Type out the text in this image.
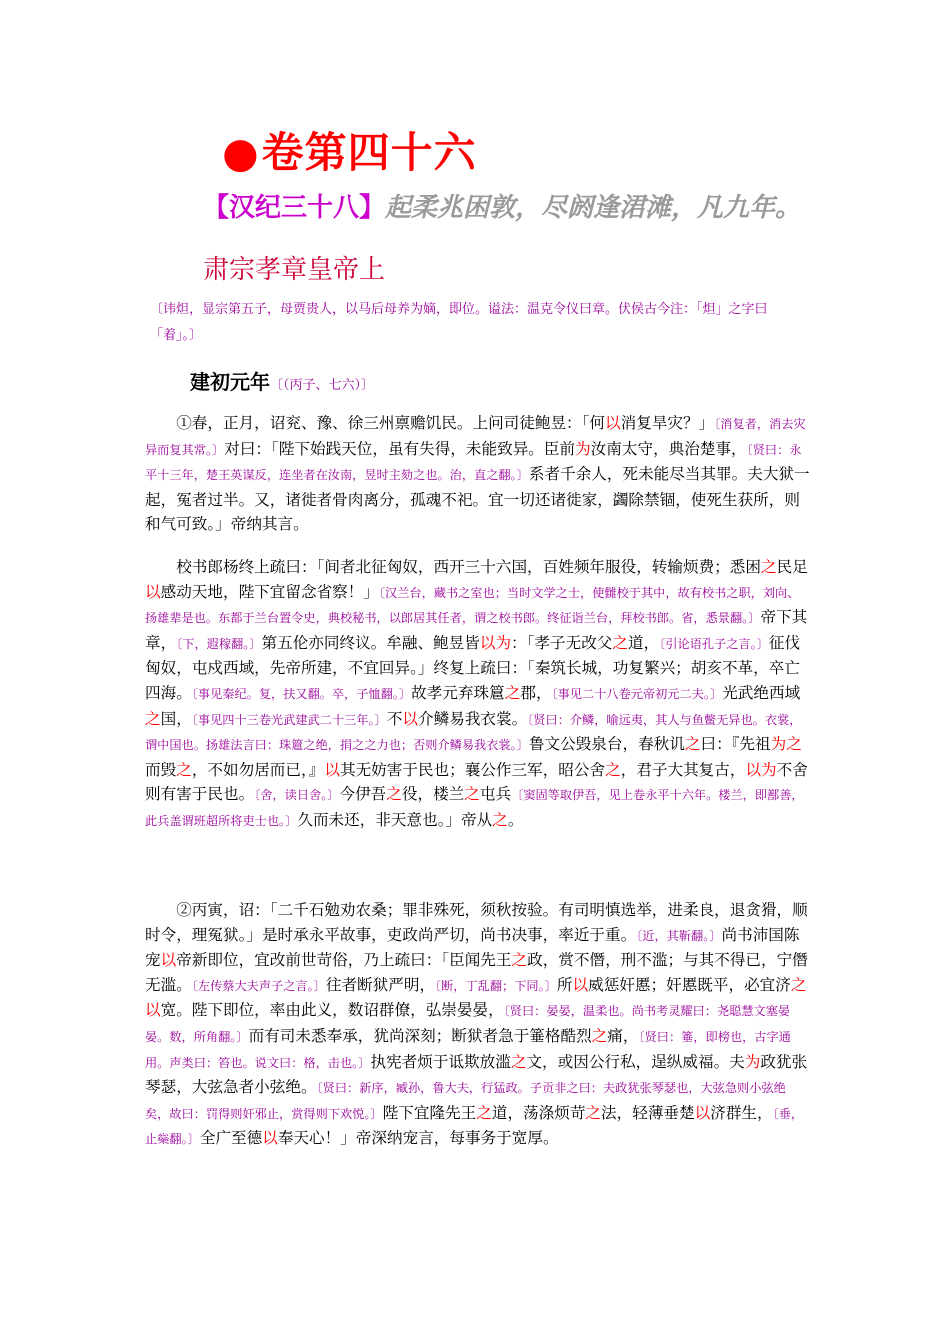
●卷第四十六
【汉纪三十八】起柔兆困敦，尽阏逢涒滩，凡九年。
肃宗孝章皇帝上
〔讳炟，显宗第五子，母贾贵人，以马后母养为嫡，即位。谥法：温克令仪曰章。伏侯古今注：「炟」之字曰「着」。〕
建初元年〔（丙子、七六）〕

①春，正月，诏兖、豫、徐三州禀赡饥民。上问司徒鲍昱：「何以消复旱灾？」〔消复者，消去灾异而复其常。〕对曰：「陛下始践天位，虽有失得，未能致异。臣前为汝南太守，典治楚事，〔贤曰：永平十三年，楚王英谋反，连坐者在汝南，昱时主劾之也。治，直之翻。〕系者千余人，死未能尽当其罪。夫大狱一起，冤者过半。又，诸徙者骨肉离分，孤魂不祀。宜一切还诸徙家，蠲除禁锢，使死生获所，则和气可致。」帝纳其言。

校书郎杨终上疏曰：「间者北征匈奴，西开三十六国，百姓频年服役，转输烦费；悉困之民足以感动天地，陛下宜留念省察！」〔汉兰台，藏书之室也；当时文学之士，使雠校于其中，故有校书之职，刘向、扬雄辈是也。东都于兰台置令史，典校秘书，以郎居其任者，谓之校书郎。终征诣兰台，拜校书郎。省，悉景翻。〕帝下其章，〔下，遐稼翻。〕第五伦亦同终议。牟融、鲍昱皆以为：「孝子无改父之道，〔引论语孔子之言。〕征伐匈奴，屯戍西域，先帝所建，不宜回异。」终复上疏曰：「秦筑长城，功复繁兴；胡亥不革，卒亡四海。〔事见秦纪。复，扶又翻。卒，子恤翻。〕故孝元弃珠簄之郡，〔事见二十八卷元帝初元二夫。〕光武绝西域之国，〔事见四十三卷光武建武二十三年。〕不以介鳞易我衣裳。〔贤曰：介鳞，喻远夷，其人与鱼鳖无异也。衣裳，谓中国也。扬雄法言曰：珠簄之绝，捐之之力也；否则介鳞易我衣裳。〕鲁文公毁泉台，春秋讥之曰：『先祖为之而毁之，不如勿居而已，』以其无妨害于民也；襄公作三军，昭公舍之，君子大其复古，以为不舍则有害于民也。〔舍，读日舍。〕今伊吾之役，楼兰之屯兵〔窦固等取伊吾，见上卷永平十六年。楼兰，即鄯善，此兵盖谓班超所将吏士也。〕久而未还，非天意也。」帝从之。

②丙寅，诏：「二千石勉劝农桑；罪非殊死，须秋按验。有司明慎选举，进柔良，退贪猾，顺时令，理冤狱。」是时承永平故事，吏政尚严切，尚书决事，率近于重。〔近，其靳翻。〕尚书沛国陈宠以帝新即位，宜改前世苛俗，乃上疏曰：「臣闻先王之政，赏不僭，刑不滥；与其不得已，宁僭无滥。〔左传蔡大夫声子之言。〕往者断狱严明，〔断，丁乱翻；下同。〕所以威惩奸慝；奸慝既平，必宜济之以宽。陛下即位，率由此义，数诏群僚，弘崇晏晏，〔贤曰：晏晏，温柔也。尚书考灵耀曰：尧聪慧文塞晏晏。数，所角翻。〕而有司未悉奉承，犹尚深刻；断狱者急于箠格酷烈之痛，〔贤曰：箠，即榜也，古字通用。声类曰：笞也。说文曰：格，击也。〕执宪者烦于诋欺放滥之文，或因公行私，逞纵威福。夫为政犹张琴瑟，大弦急者小弦绝。〔贤曰：新序，臧孙，鲁大夫，行猛政。子贡非之曰：夫政犹张琴瑟也，大弦急则小弦绝矣，故曰：罚得则奸邪止，赏得则下欢悦。〕陛下宜隆先王之道，荡涤烦苛之法，轻薄垂楚以济群生，〔垂，止橤翻。〕全广至德以奉天心！」帝深纳宠言，每事务于宽厚。
